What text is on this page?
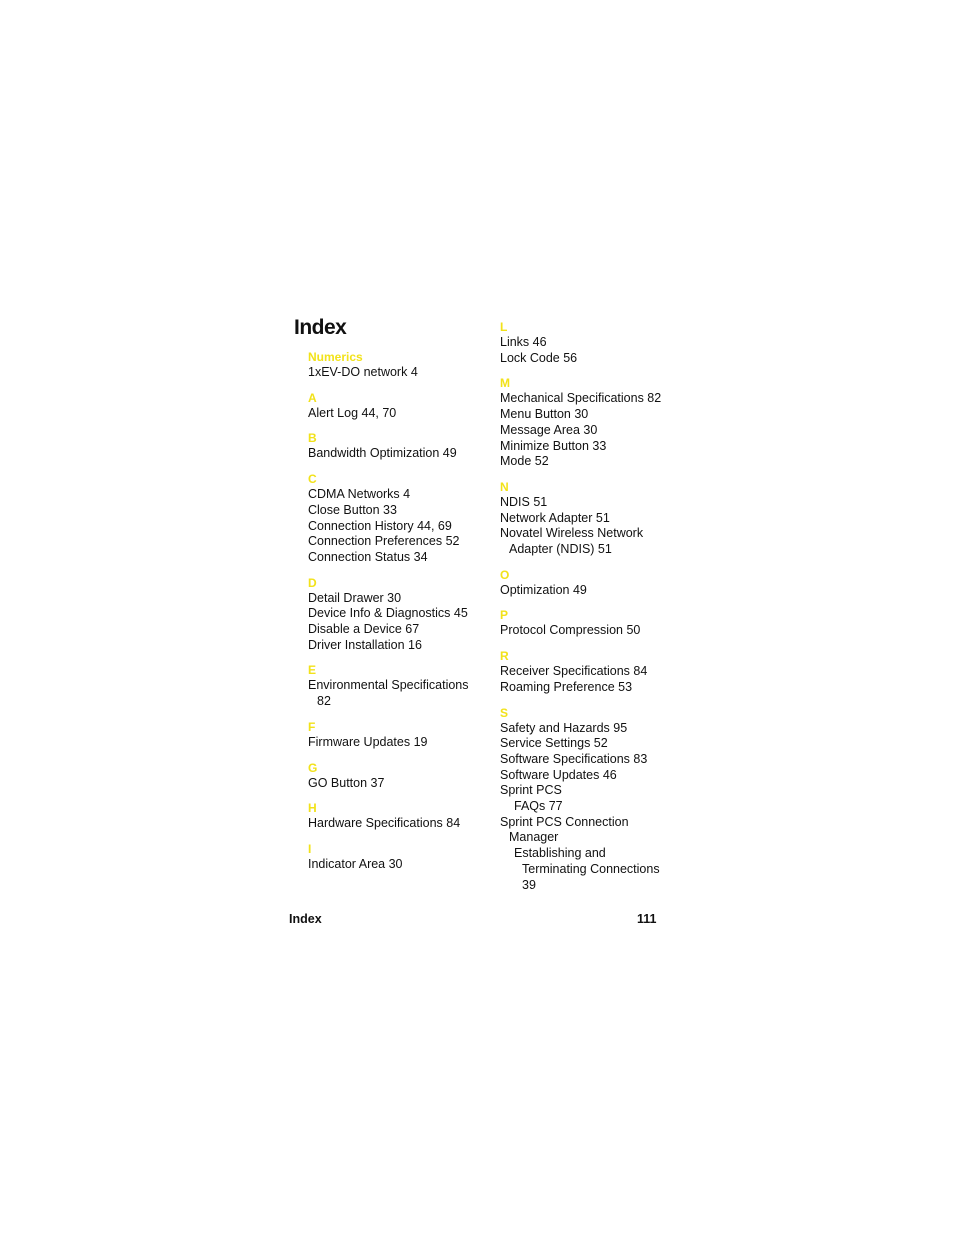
Index
Numerics
1xEV-DO network 4
A
Alert Log 44, 70
B
Bandwidth Optimization 49
C
CDMA Networks 4
Close Button 33
Connection History 44, 69
Connection Preferences 52
Connection Status 34
D
Detail Drawer 30
Device Info & Diagnostics 45
Disable a Device 67
Driver Installation 16
E
Environmental Specifications
82
F
Firmware Updates 19
G
GO Button 37
H
Hardware Specifications 84
I
Indicator Area 30
L
Links 46
Lock Code 56
M
Mechanical Specifications 82
Menu Button 30
Message Area 30
Minimize Button 33
Mode 52
N
NDIS 51
Network Adapter 51
Novatel Wireless Network
Adapter (NDIS) 51
O
Optimization 49
P
Protocol Compression 50
R
Receiver Specifications 84
Roaming Preference 53
S
Safety and Hazards 95
Service Settings 52
Software Specifications 83
Software Updates 46
Sprint PCS
FAQs 77
Sprint PCS Connection
Manager
Establishing and
Terminating Connections
39
Index	111
